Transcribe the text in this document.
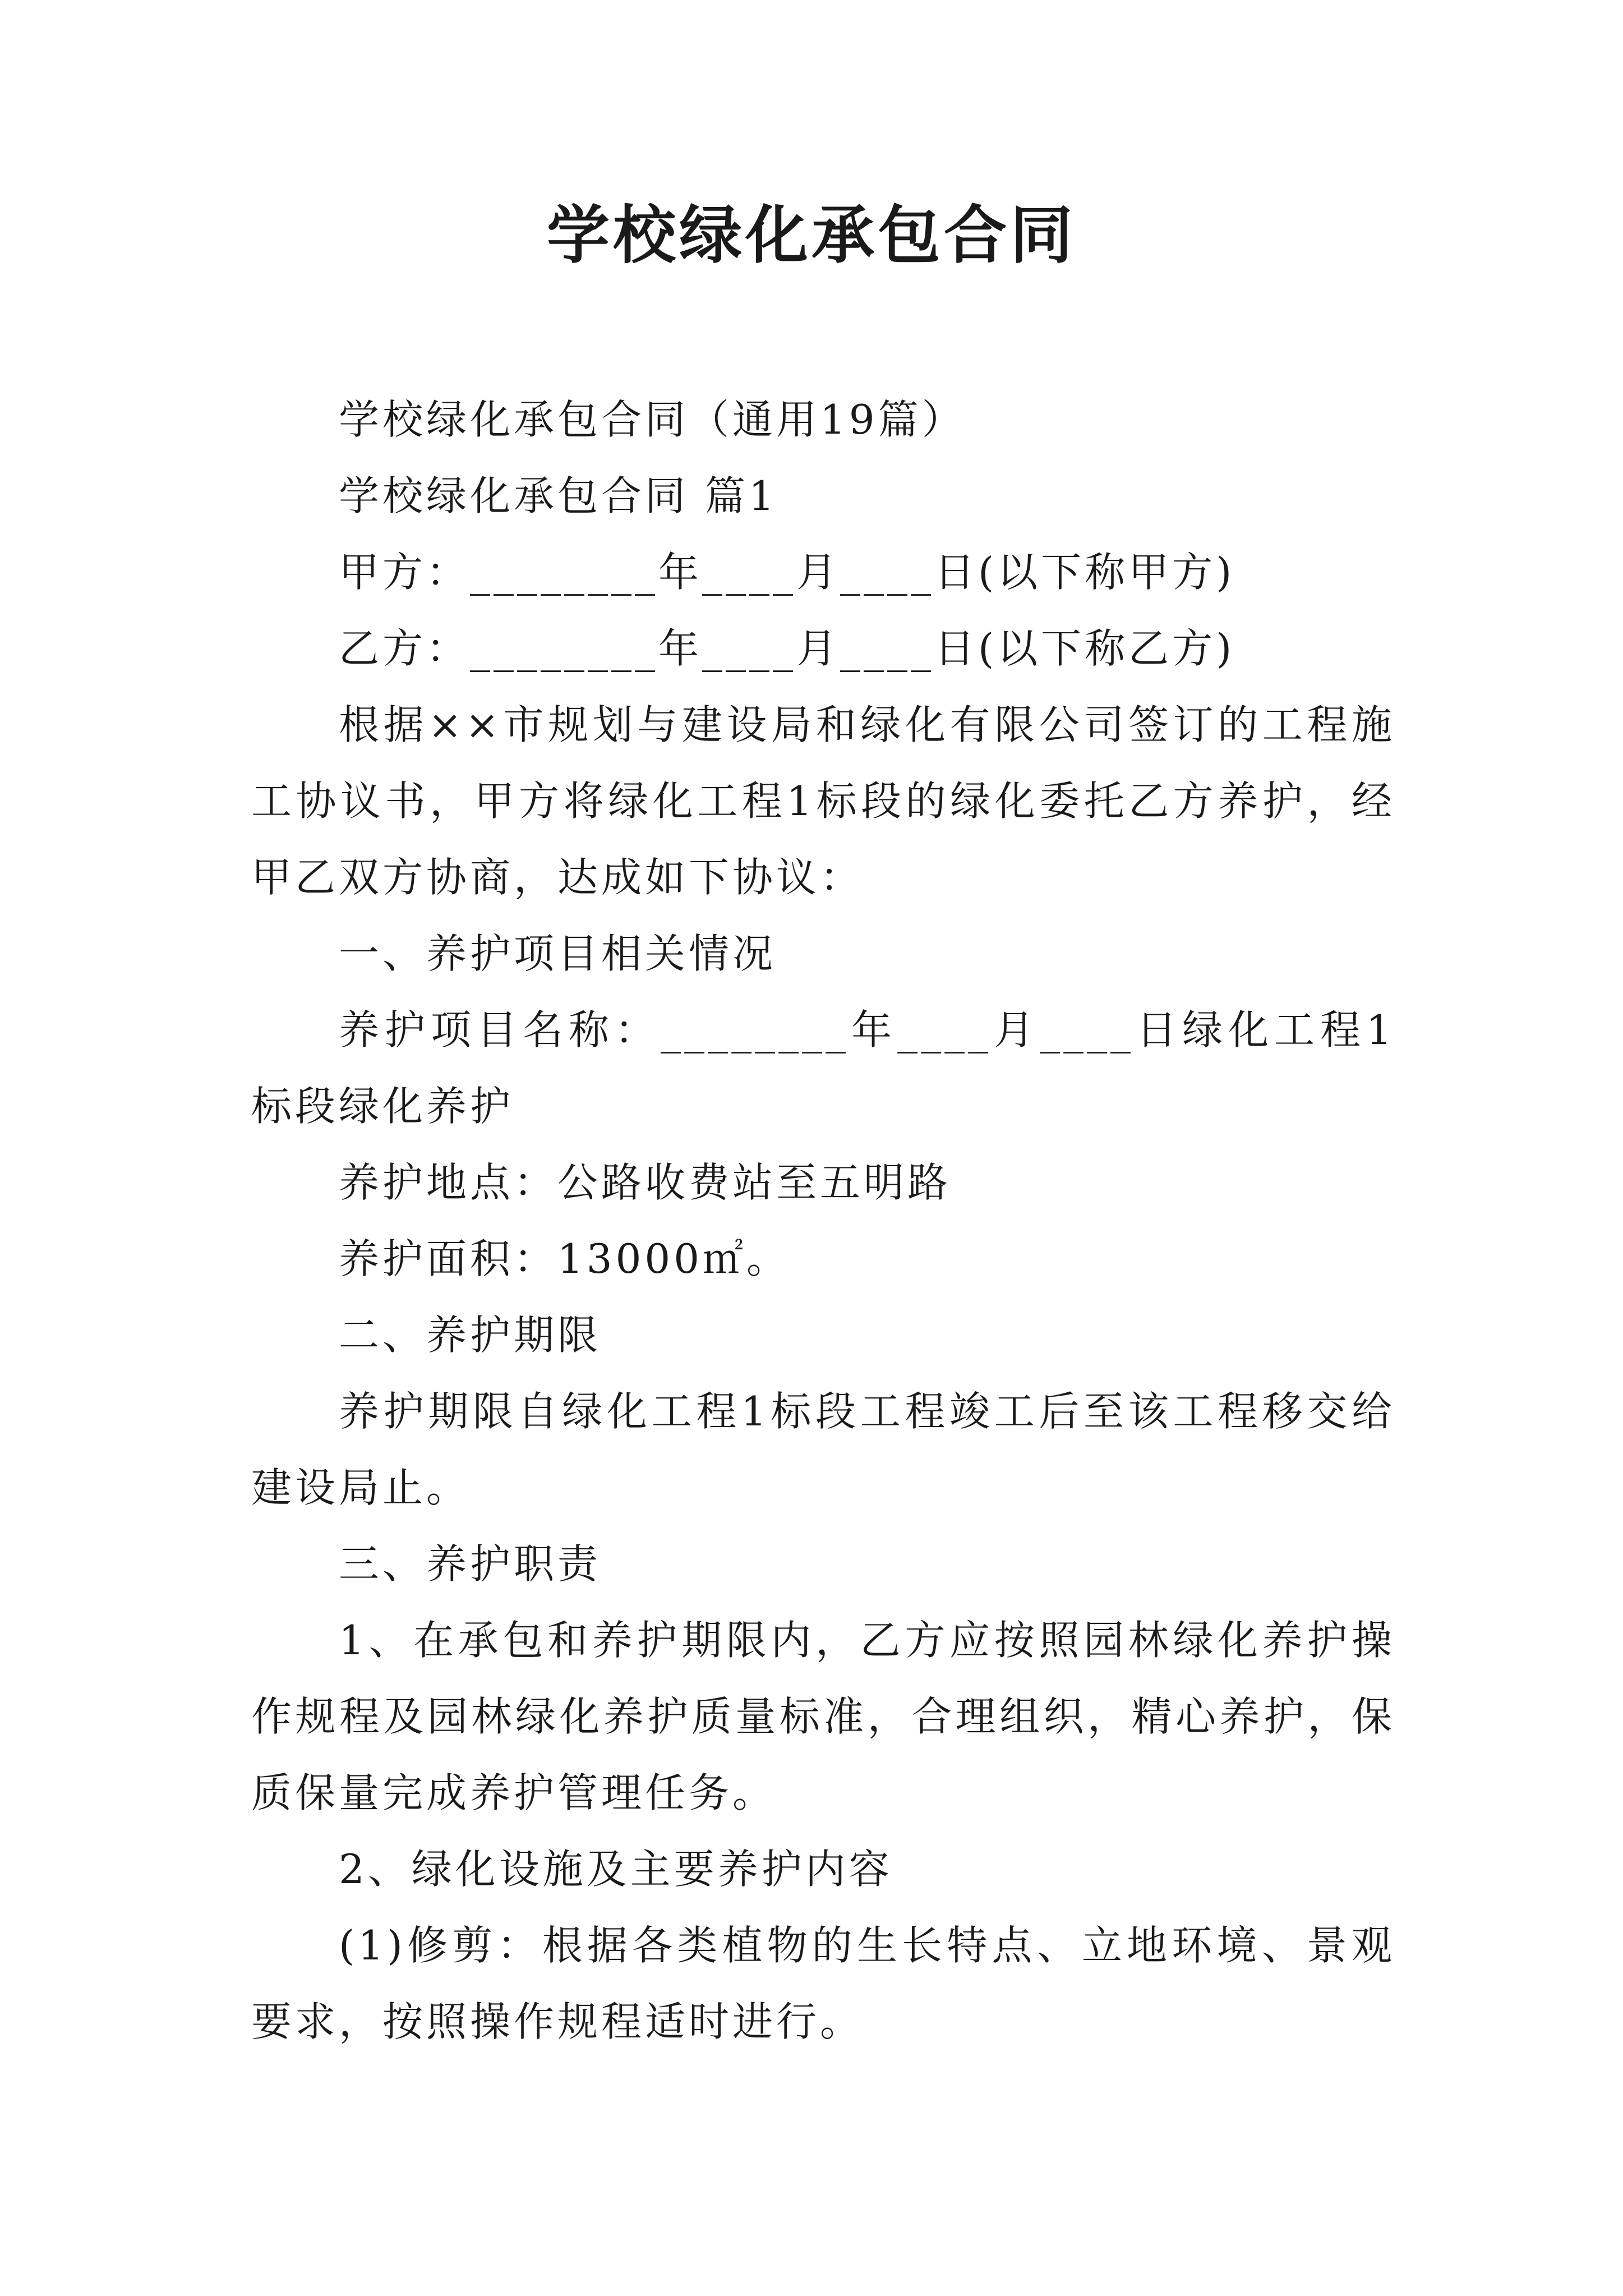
学校绿化承包合同

学校绿化承包合同（通用19篇）

学校绿化承包合同 篇1

甲方：________年____月____日(以下称甲方)

乙方：________年____月____日(以下称乙方)

根据××市规划与建设局和绿化有限公司签订的工程施工协议书，甲方将绿化工程1标段的绿化委托乙方养护，经甲乙双方协商，达成如下协议：

一、养护项目相关情况

养护项目名称：________年____月____日绿化工程1标段绿化养护

养护地点：公路收费站至五明路

养护面积：13000㎡。

二、养护期限

养护期限自绿化工程1标段工程竣工后至该工程移交给建设局止。

三、养护职责

1、在承包和养护期限内，乙方应按照园林绿化养护操作规程及园林绿化养护质量标准，合理组织，精心养护，保质保量完成养护管理任务。

2、绿化设施及主要养护内容

(1)修剪：根据各类植物的生长特点、立地环境、景观要求，按照操作规程适时进行。
